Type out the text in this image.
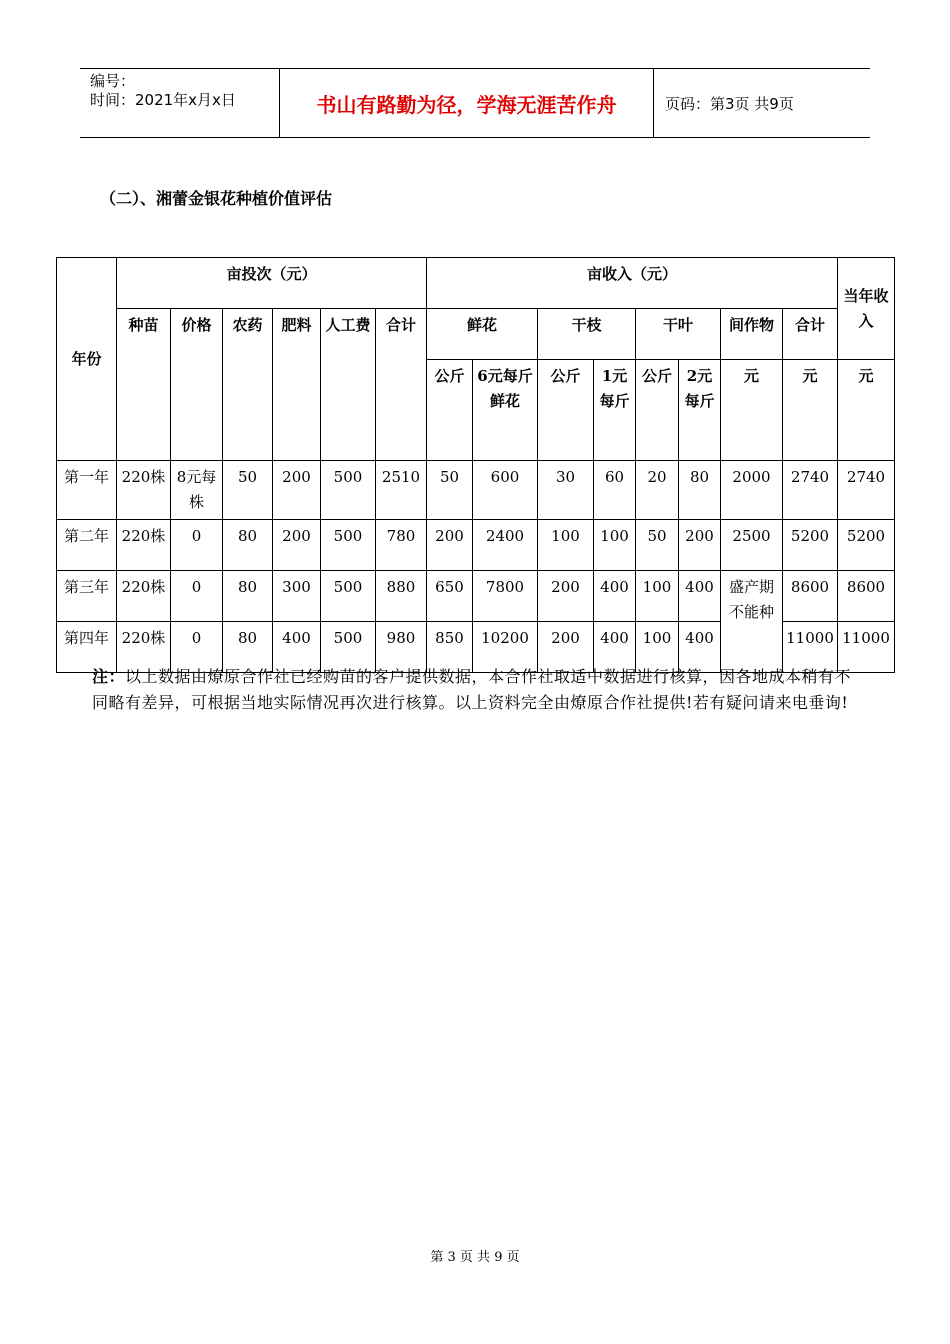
编号：
时间：2021年x月x日	书山有路勤为径，学海无涯苦作舟	页码：第3页 共9页
（二）、湘蕾金银花种植价值评估
年份	亩投次（元）						亩收入（元）								当年收入
	种苗	价格	农药	肥料	人工费	合计	鲜花		干枝		干叶		间作物	合计	
							公斤	6元每斤鲜花	公斤	1元每斤	公斤	2元每斤	元	元	元
第一年	220株	8元每株	50	200	500	2510	50	600	30	60	20	80	2000	2740	2740
第二年	220株	0	80	200	500	780	200	2400	100	100	50	200	2500	5200	5200
第三年	220株	0	80	300	500	880	650	7800	200	400	100	400	盛产期不能种	8600	8600
第四年	220株	0	80	400	500	980	850	10200	200	400	100	400		11000	11000
注：以上数据由燎原合作社已经购苗的客户提供数据，本合作社取适中数据进行核算，因各地成本稍有不同略有差异，可根据当地实际情况再次进行核算。以上资料完全由燎原合作社提供!若有疑问请来电垂询!
第 3 页 共 9 页
